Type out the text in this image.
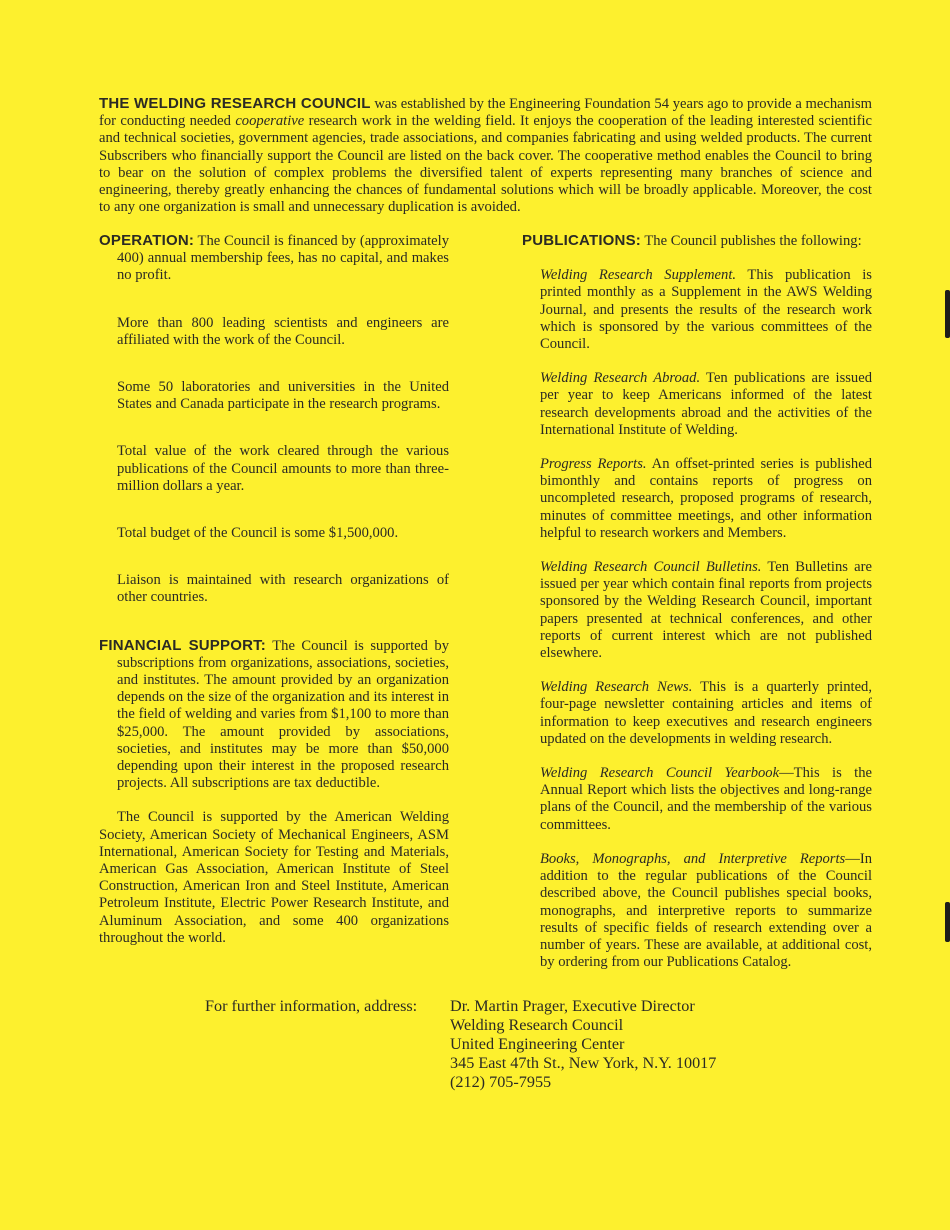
THE WELDING RESEARCH COUNCIL was established by the Engineering Foundation 54 years ago to provide a mechanism for conducting needed cooperative research work in the welding field. It enjoys the cooperation of the leading interested scientific and technical societies, government agencies, trade associations, and companies fabricating and using welded products. The current Subscribers who financially support the Council are listed on the back cover. The cooperative method enables the Council to bring to bear on the solution of complex problems the diversified talent of experts representing many branches of science and engineering, thereby greatly enhancing the chances of fundamental solutions which will be broadly applicable. Moreover, the cost to any one organization is small and unnecessary duplication is avoided.

OPERATION: The Council is financed by (approximately 400) annual membership fees, has no capital, and makes no profit.

More than 800 leading scientists and engineers are affiliated with the work of the Council.

Some 50 laboratories and universities in the United States and Canada participate in the research programs.

Total value of the work cleared through the various publications of the Council amounts to more than three-million dollars a year.

Total budget of the Council is some $1,500,000.

Liaison is maintained with research organizations of other countries.

FINANCIAL SUPPORT: The Council is supported by subscriptions from organizations, associations, societies, and institutes. The amount provided by an organization depends on the size of the organization and its interest in the field of welding and varies from $1,100 to more than $25,000. The amount provided by associations, societies, and institutes may be more than $50,000 depending upon their interest in the proposed research projects. All subscriptions are tax deductible.

The Council is supported by the American Welding Society, American Society of Mechanical Engineers, ASM International, American Society for Testing and Materials, American Gas Association, American Institute of Steel Construction, American Iron and Steel Institute, American Petroleum Institute, Electric Power Research Institute, and Aluminum Association, and some 400 organizations throughout the world.

PUBLICATIONS: The Council publishes the following:

Welding Research Supplement. This publication is printed monthly as a Supplement in the AWS Welding Journal, and presents the results of the research work which is sponsored by the various committees of the Council.

Welding Research Abroad. Ten publications are issued per year to keep Americans informed of the latest research developments abroad and the activities of the International Institute of Welding.

Progress Reports. An offset-printed series is published bimonthly and contains reports of progress on uncompleted research, proposed programs of research, minutes of committee meetings, and other information helpful to research workers and Members.

Welding Research Council Bulletins. Ten Bulletins are issued per year which contain final reports from projects sponsored by the Welding Research Council, important papers presented at technical conferences, and other reports of current interest which are not published elsewhere.

Welding Research News. This is a quarterly printed, four-page newsletter containing articles and items of information to keep executives and research engineers updated on the developments in welding research.

Welding Research Council Yearbook—This is the Annual Report which lists the objectives and long-range plans of the Council, and the membership of the various committees.

Books, Monographs, and Interpretive Reports—In addition to the regular publications of the Council described above, the Council publishes special books, monographs, and interpretive reports to summarize results of specific fields of research extending over a number of years. These are available, at additional cost, by ordering from our Publications Catalog.

For further information, address: Dr. Martin Prager, Executive Director
Welding Research Council
United Engineering Center
345 East 47th St., New York, N.Y. 10017
(212) 705-7955
